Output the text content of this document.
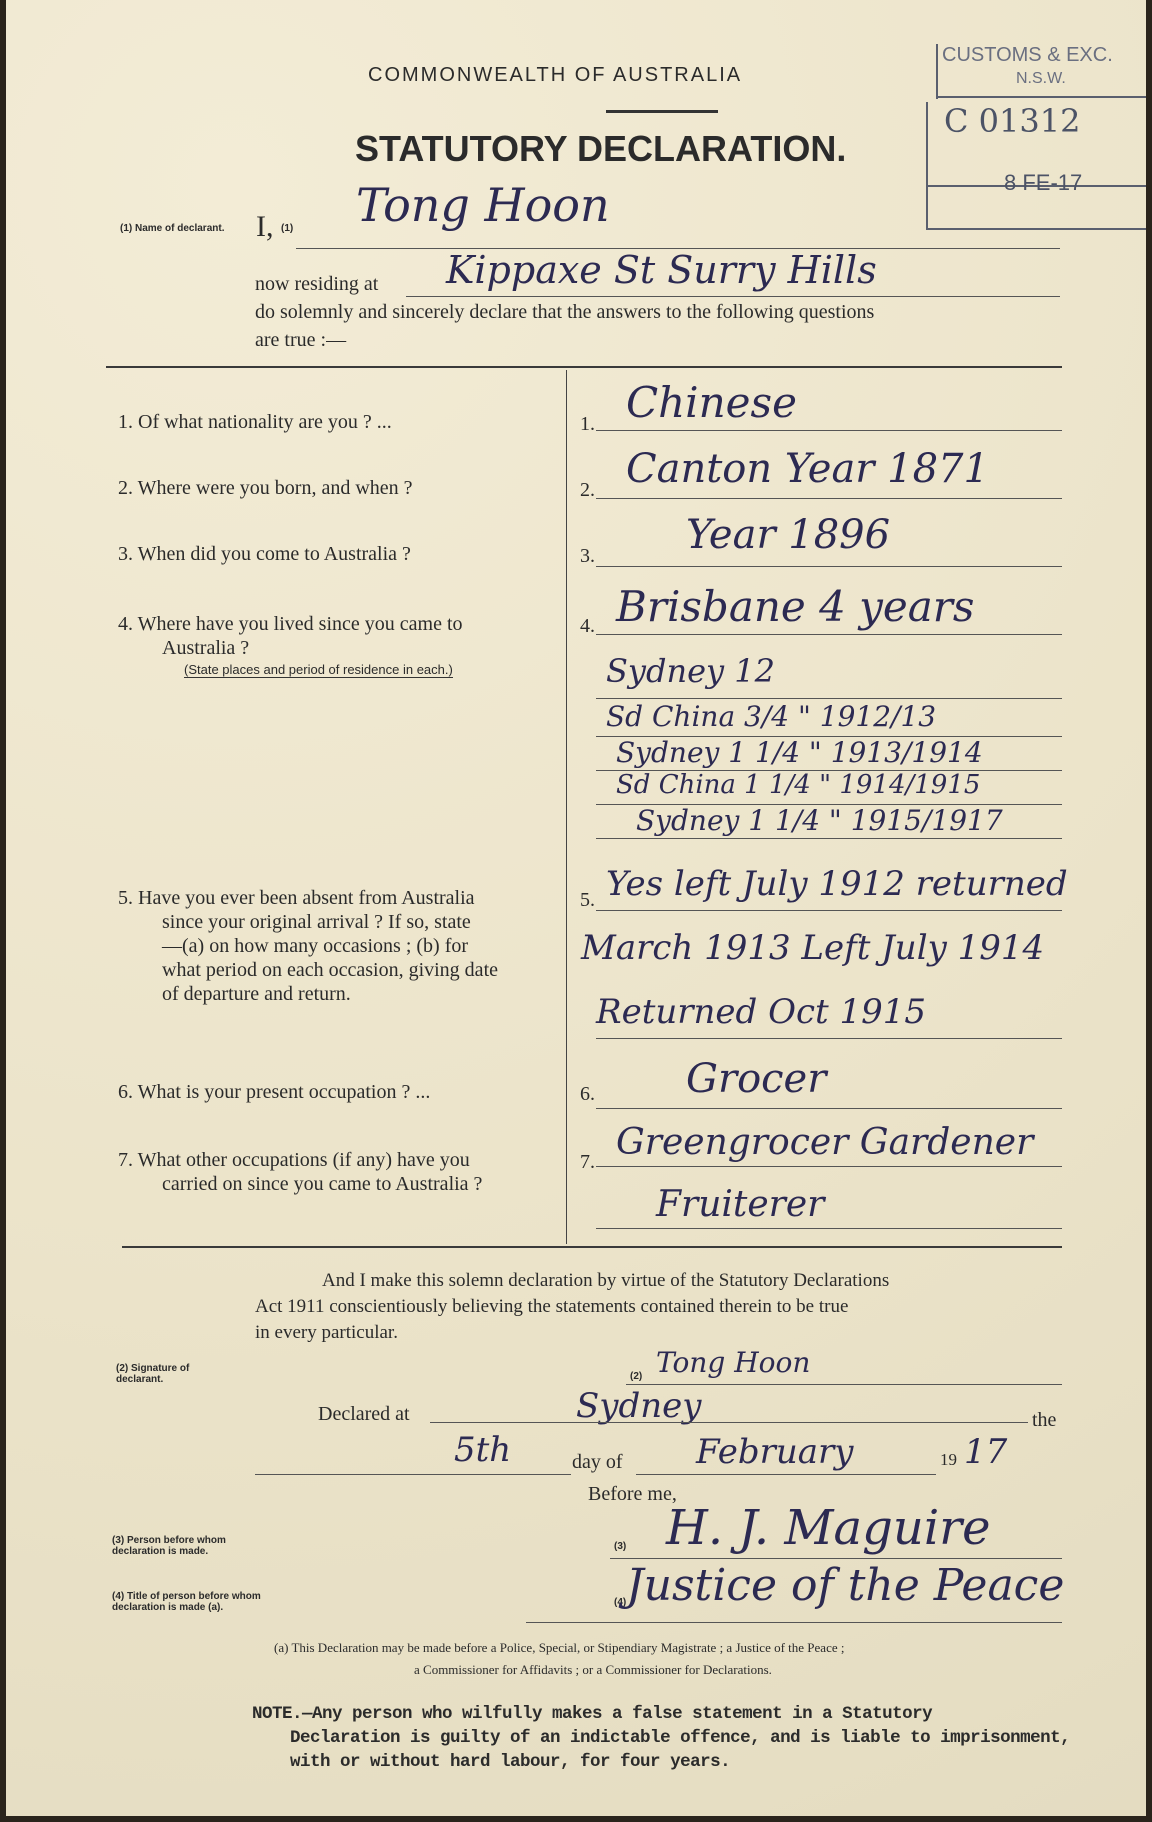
COMMONWEALTH OF AUSTRALIA
STATUTORY DECLARATION.
CUSTOMS & EXC.
N.S.W.
C 01312
8 FE-17
(1) Name of declarant.	I, (1) Tong Hoon
now residing at Kippaxe St Surry Hills
do solemnly and sincerely declare that the answers to the following questions
are true :—
1. Of what nationality are you ? ...	1. Chinese
2. Where were you born, and when ?	2. Canton Year 1871
3. When did you come to Australia ?	3. Year 1896
4. Where have you lived since you came to
Australia ?
(State places and period of residence in each.)
4. Brisbane 4 years
Sydney 12
Sd China 3/4 " 1912/13
Sydney 1 1/4 " 1913/1914
Sd China 1 1/4 " 1914/1915
Sydney 1 1/4 " 1915/1917
5. Have you ever been absent from Australia
since your original arrival ? If so, state
—(a) on how many occasions ; (b) for
what period on each occasion, giving date
of departure and return.
5. Yes left July 1912 returned
March 1913 Left July 1914
Returned Oct 1915
6. What is your present occupation ? ...	6. Grocer
7. What other occupations (if any) have you
carried on since you came to Australia ?
7. Greengrocer Gardener
Fruiterer
And I make this solemn declaration by virtue of the Statutory Declarations
Act 1911 conscientiously believing the statements contained therein to be true
in every particular.
(2) Signature of declarant.	(2) Tong Hoon
Declared at	Sydney	the
5th	day of February	19 17
Before me,
(3) Person before whom declaration is made.	(3) H. J. Maguire
(4) Title of person before whom declaration is made (a).	(4) Justice of the Peace
(a) This Declaration may be made before a Police, Special, or Stipendiary Magistrate ; a Justice of the Peace ;
a Commissioner for Affidavits ; or a Commissioner for Declarations.
NOTE.—Any person who wilfully makes a false statement in a Statutory
Declaration is guilty of an indictable offence, and is liable to imprisonment,
with or without hard labour, for four years.
